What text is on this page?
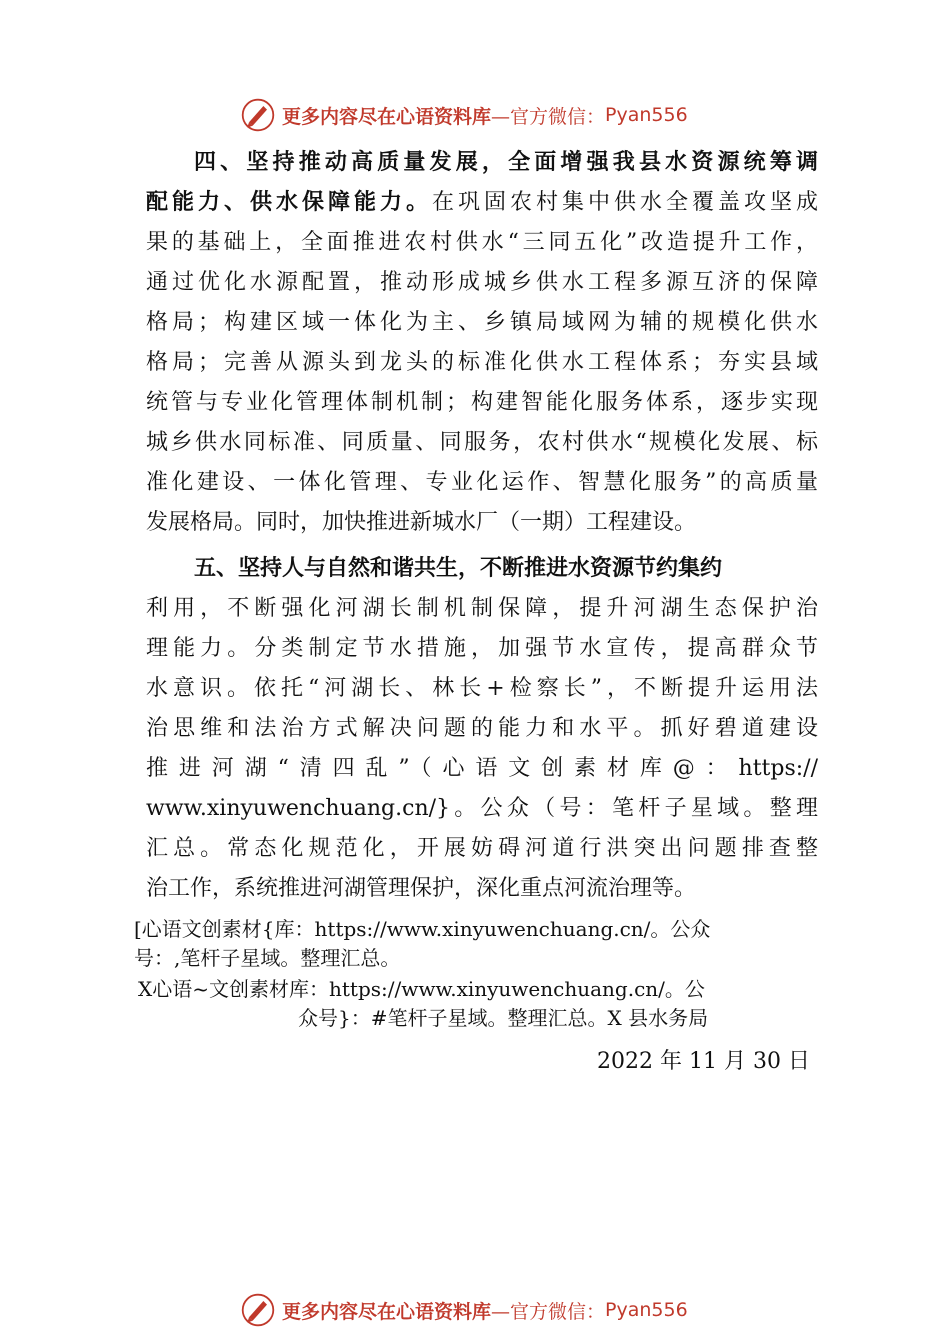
更多内容尽在心语资料库 —官方微信： Pyan556
四、坚持推动高质量发展，全面增强我县水资源统筹调
配能力、供水保障能力。在巩固农村集中供水全覆盖攻坚成
果的基础上，全面推进农村供水“三同五化”改造提升工作，
通过优化水源配置，推动形成城乡供水工程多源互济的保障
格局；构建区域一体化为主、乡镇局域网为辅的规模化供水
格局；完善从源头到龙头的标准化供水工程体系；夯实县域
统管与专业化管理体制机制；构建智能化服务体系，逐步实现
城乡供水同标准、同质量、同服务，农村供水“规模化发展、标
准化建设、一体化管理、专业化运作、智慧化服务”的高质量
发展格局。同时，加快推进新城水厂（一期）工程建设。
五、坚持人与自然和谐共生，不断推进水资源节约集约
利用，不断强化河湖长制机制保障，提升河湖生态保护治
理能力。分类制定节水措施，加强节水宣传，提高群众节
水意识。依托“河湖长、林长+检察长”，不断提升运用法
治思维和法治方式解决问题的能力和水平。抓好碧道建设
推进河湖“清四乱”（心语文创素材库@：https://
www.xinyuwenchuang.cn/}。公众（号：笔杆子星域。整理
汇总。常态化规范化，开展妨碍河道行洪突出问题排查整
治工作，系统推进河湖管理保护，深化重点河流治理等。
[心语文创素材{库：https://www.xinyuwenchuang.cn/。公众
号：,笔杆子星域。整理汇总。
X心语~文创素材库：https://www.xinyuwenchuang.cn/。公
众号}：#笔杆子星域。整理汇总。X 县水务局
2022 年 11 月 30 日
更多内容尽在心语资料库 —官方微信： Pyan556
